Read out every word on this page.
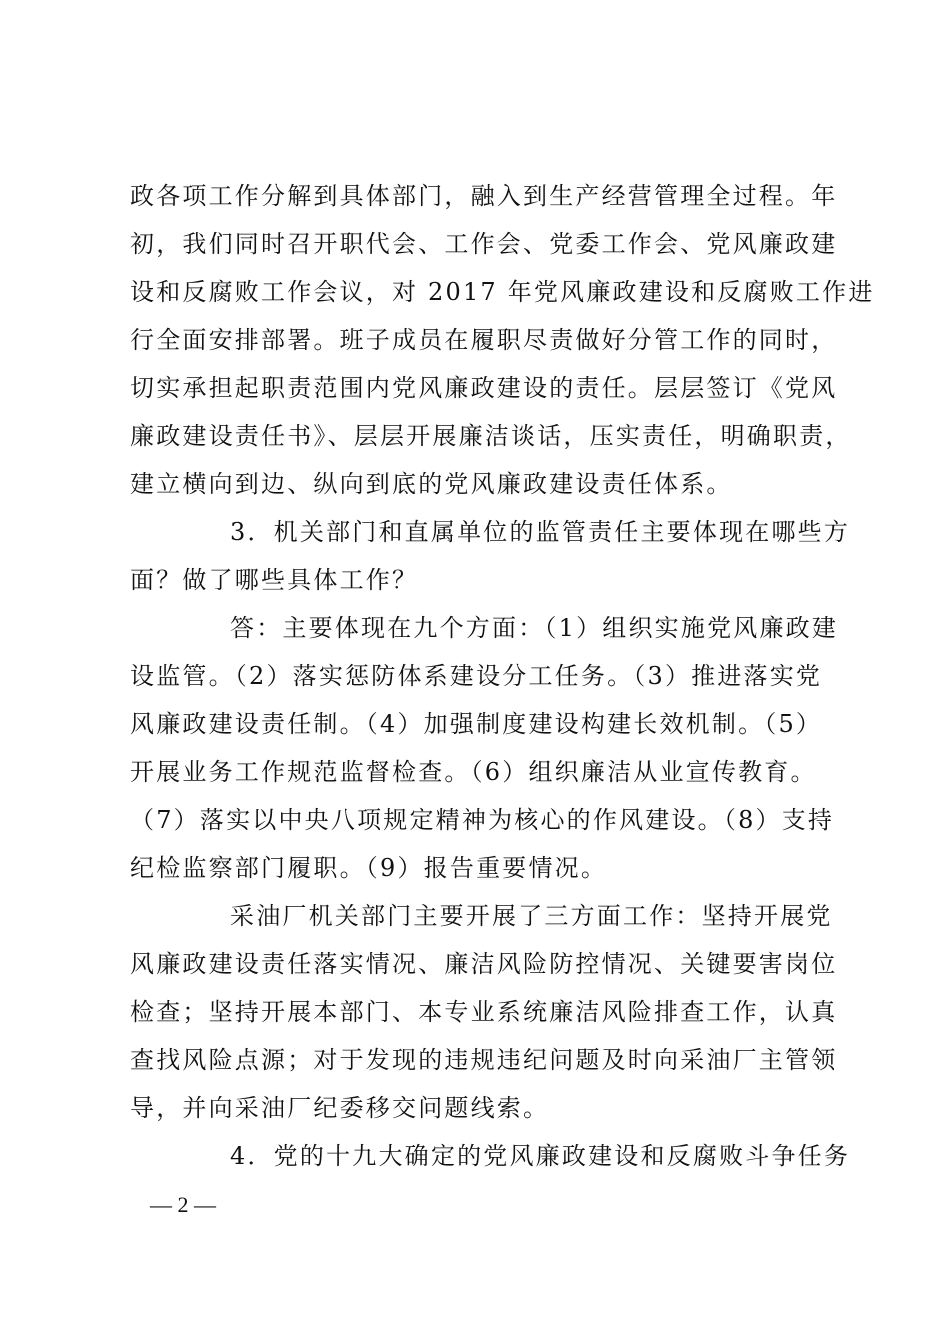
政各项工作分解到具体部门，融入到生产经营管理全过程。年
初，我们同时召开职代会、工作会、党委工作会、党风廉政建
设和反腐败工作会议，对 2017 年党风廉政建设和反腐败工作进
行全面安排部署。班子成员在履职尽责做好分管工作的同时，
切实承担起职责范围内党风廉政建设的责任。层层签订《党风
廉政建设责任书》、层层开展廉洁谈话，压实责任，明确职责，
建立横向到边、纵向到底的党风廉政建设责任体系。
3．机关部门和直属单位的监管责任主要体现在哪些方
面？做了哪些具体工作？
答：主要体现在九个方面：（1）组织实施党风廉政建
设监管。（2）落实惩防体系建设分工任务。（3）推进落实党
风廉政建设责任制。（4）加强制度建设构建长效机制。（5）
开展业务工作规范监督检查。（6）组织廉洁从业宣传教育。
（7）落实以中央八项规定精神为核心的作风建设。（8）支持
纪检监察部门履职。（9）报告重要情况。
采油厂机关部门主要开展了三方面工作：坚持开展党
风廉政建设责任落实情况、廉洁风险防控情况、关键要害岗位
检查；坚持开展本部门、本专业系统廉洁风险排查工作，认真
查找风险点源；对于发现的违规违纪问题及时向采油厂主管领
导，并向采油厂纪委移交问题线索。
4．党的十九大确定的党风廉政建设和反腐败斗争任务
— 2 —
